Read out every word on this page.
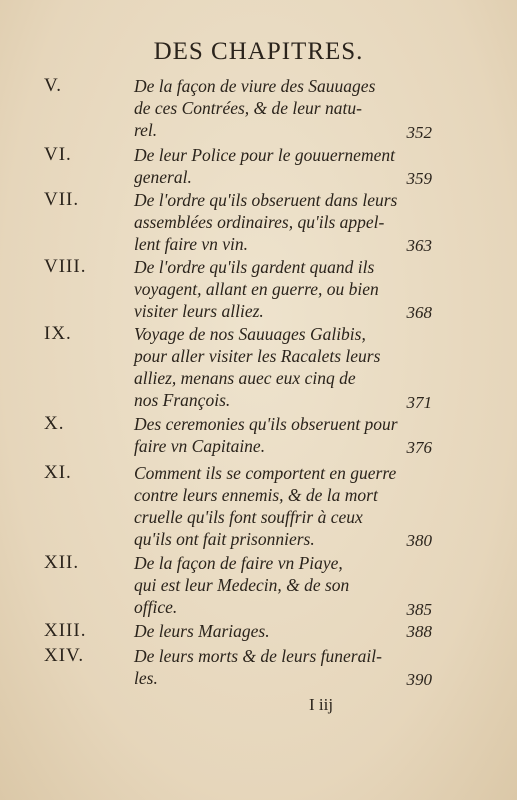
DES CHAPITRES.
V.	De la façon de viure des Sauuages
de ces Contrées, & de leur natu-
rel.	352
VI.	De leur Police pour le gouuernement
general.	359
VII.	De l'ordre qu'ils obseruent dans leurs
assemblées ordinaires, qu'ils appel-
lent faire vn vin.	363
VIII.	De l'ordre qu'ils gardent quand ils
voyagent, allant en guerre, ou bien
visiter leurs alliez.	368
IX.	Voyage de nos Sauuages Galibis,
pour aller visiter les Racalets leurs
alliez, menans auec eux cinq de
nos François.	371
X.	Des ceremonies qu'ils obseruent pour
faire vn Capitaine.	376
XI.	Comment ils se comportent en guerre
contre leurs ennemis, & de la mort
cruelle qu'ils font souffrir à ceux
qu'ils ont fait prisonniers.	380
XII.	De la façon de faire vn Piaye,
qui est leur Medecin, & de son
office.	385
XIII.	De leurs Mariages.	388
XIV.	De leurs morts & de leurs funerail-
les.	390
I iij
